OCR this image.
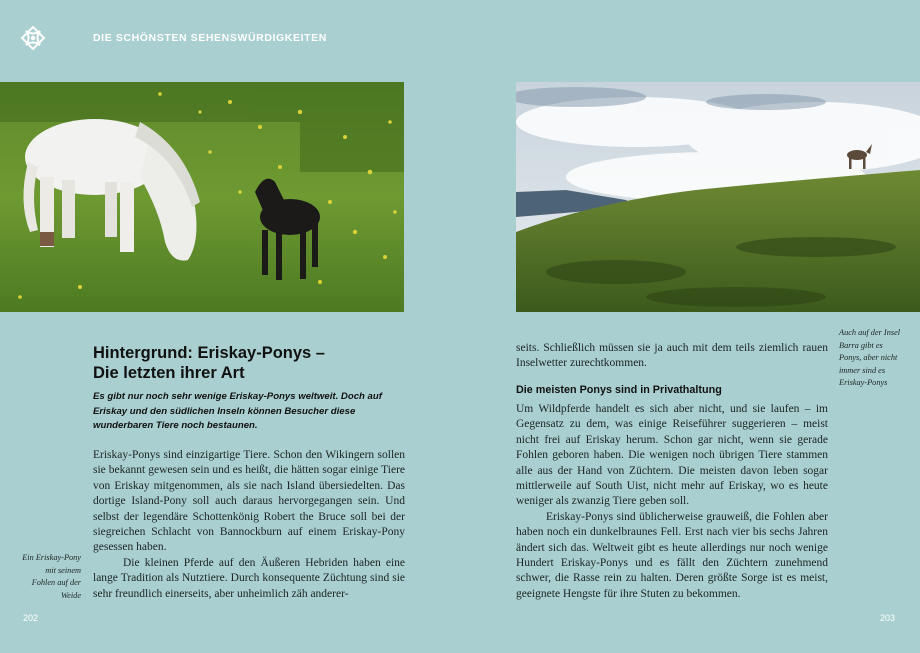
DIE SCHÖNSTEN SEHENSWÜRDIGKEITEN
Hintergrund: Eriskay-Ponys –
Die letzten ihrer Art
Es gibt nur noch sehr wenige Eriskay-Ponys weltweit. Doch auf Eriskay und den südlichen Inseln können Besucher diese wunderbaren Tiere noch bestaunen.

Eriskay-Ponys sind einzigartige Tiere. Schon den Wikingern sollen sie bekannt gewesen sein und es heißt, die hätten sogar einige Tiere von Eriskay mitgenommen, als sie nach Island übersiedelten. Das dortige Island-Pony soll auch daraus hervorgegangen sein. Und selbst der legendäre Schottenkönig Robert the Bruce soll bei der siegreichen Schlacht von Bannockburn auf einem Eriskay-Pony gesessen haben.

Die kleinen Pferde auf den Äußeren Hebriden haben eine lange Tradition als Nutztiere. Durch konsequente Züchtung sind sie sehr freundlich einerseits, aber unheimlich zäh anderer-

Ein Eriskay-Pony mit seinem Fohlen auf der Weide
202
seits. Schließlich müssen sie ja auch mit dem teils ziemlich rauen Inselwetter zurechtkommen.
Die meisten Ponys sind in Privathaltung

Um Wildpferde handelt es sich aber nicht, und sie laufen – im Gegensatz zu dem, was einige Reiseführer suggerieren – meist nicht frei auf Eriskay herum. Schon gar nicht, wenn sie gerade Fohlen geboren haben. Die wenigen noch übrigen Tiere stammen alle aus der Hand von Züchtern. Die meisten davon leben sogar mittlerweile auf South Uist, nicht mehr auf Eriskay, wo es heute weniger als zwanzig Tiere geben soll.

Eriskay-Ponys sind üblicherweise grauweiß, die Fohlen aber haben noch ein dunkelbraunes Fell. Erst nach vier bis sechs Jahren ändert sich das. Weltweit gibt es heute allerdings nur noch wenige Hundert Eriskay-Ponys und es fällt den Züchtern zunehmend schwer, die Rasse rein zu halten. Deren größte Sorge ist es meist, geeignete Hengste für ihre Stuten zu bekommen.

Auch auf der Insel Barra gibt es Ponys, aber nicht immer sind es Eriskay-Ponys
203
